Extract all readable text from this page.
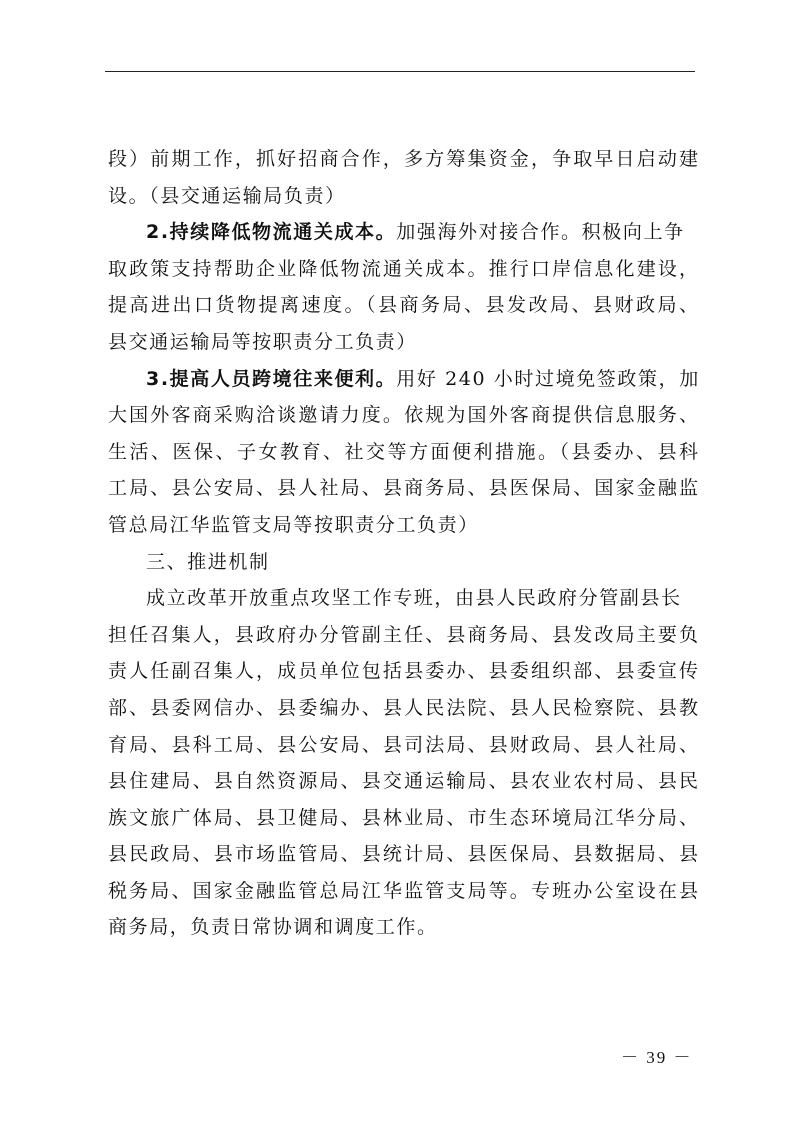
段）前期工作，抓好招商合作，多方筹集资金，争取早日启动建
设。（县交通运输局负责）
2.持续降低物流通关成本。加强海外对接合作。积极向上争
取政策支持帮助企业降低物流通关成本。推行口岸信息化建设，
提高进出口货物提离速度。（县商务局、县发改局、县财政局、
县交通运输局等按职责分工负责）
3.提高人员跨境往来便利。用好 240 小时过境免签政策，加
大国外客商采购洽谈邀请力度。依规为国外客商提供信息服务、
生活、医保、子女教育、社交等方面便利措施。（县委办、县科
工局、县公安局、县人社局、县商务局、县医保局、国家金融监
管总局江华监管支局等按职责分工负责）
三、推进机制
成立改革开放重点攻坚工作专班，由县人民政府分管副县长
担任召集人，县政府办分管副主任、县商务局、县发改局主要负
责人任副召集人，成员单位包括县委办、县委组织部、县委宣传
部、县委网信办、县委编办、县人民法院、县人民检察院、县教
育局、县科工局、县公安局、县司法局、县财政局、县人社局、
县住建局、县自然资源局、县交通运输局、县农业农村局、县民
族文旅广体局、县卫健局、县林业局、市生态环境局江华分局、
县民政局、县市场监管局、县统计局、县医保局、县数据局、县
税务局、国家金融监管总局江华监管支局等。专班办公室设在县
商务局，负责日常协调和调度工作。
－ 39 －
